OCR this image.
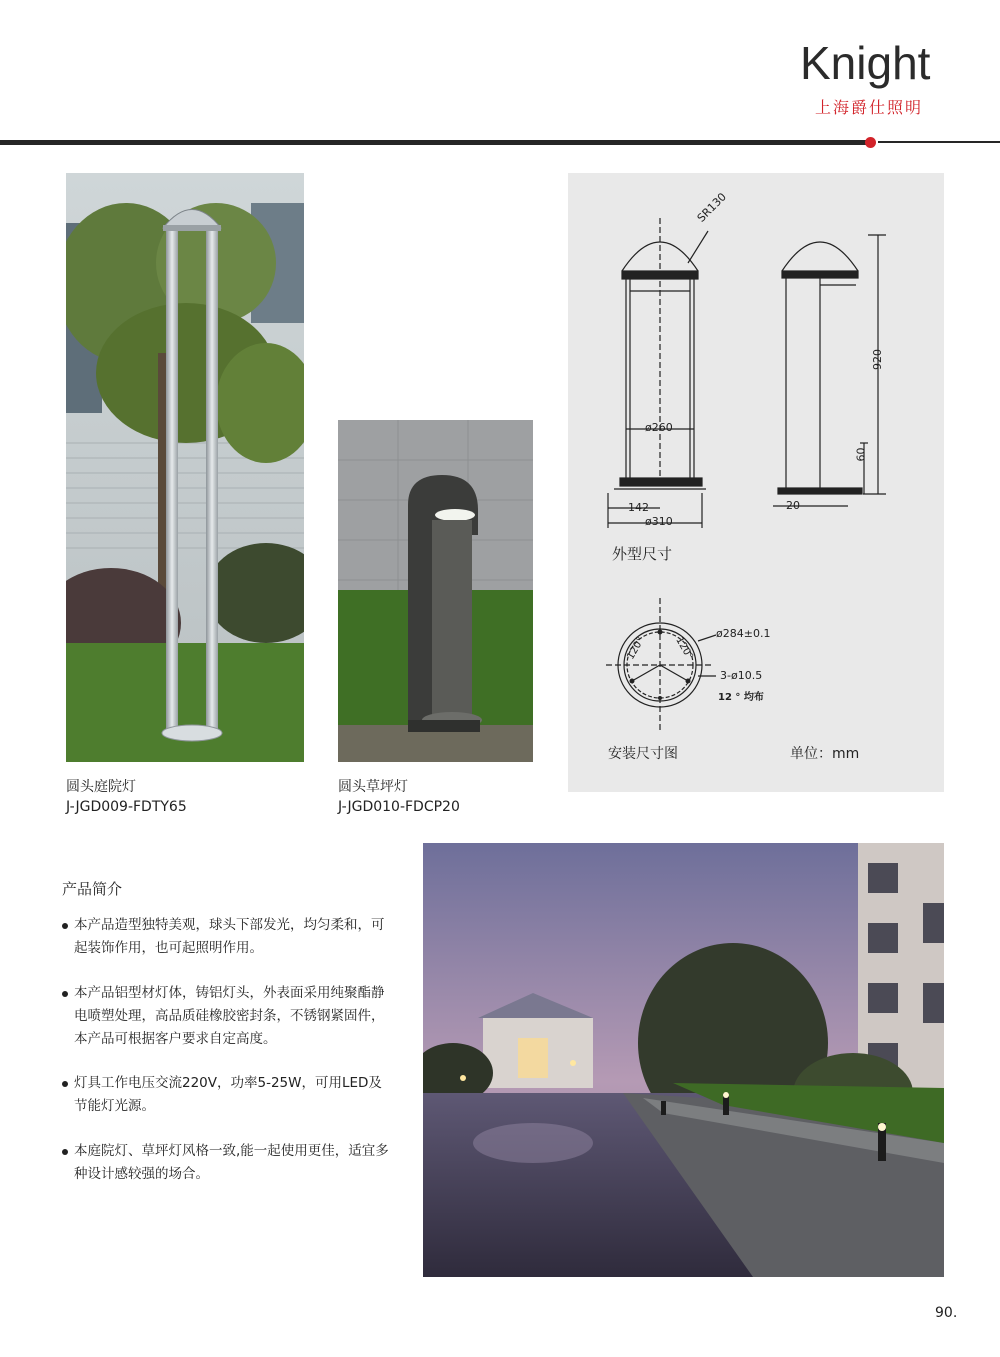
Knight
上海爵仕照明
圆头庭院灯
J-JGD009-FDTY65
圆头草坪灯
J-JGD010-FDCP20
SR130
ø260
142
ø310
920
60
20
外型尺寸
ø284±0.1
3-ø10.5
12 ° 均布
120°	120°
安装尺寸图	单位：mm
产品简介
本产品造型独特美观，球头下部发光，均匀柔和，可起装饰作用，也可起照明作用。
本产品铝型材灯体，铸铝灯头，外表面采用纯聚酯静电喷塑处理，高品质硅橡胶密封条，不锈钢紧固件，本产品可根据客户要求自定高度。
灯具工作电压交流220V，功率5-25W，可用LED及节能灯光源。
本庭院灯、草坪灯风格一致,能一起使用更佳，适宜多种设计感较强的场合。
90.
